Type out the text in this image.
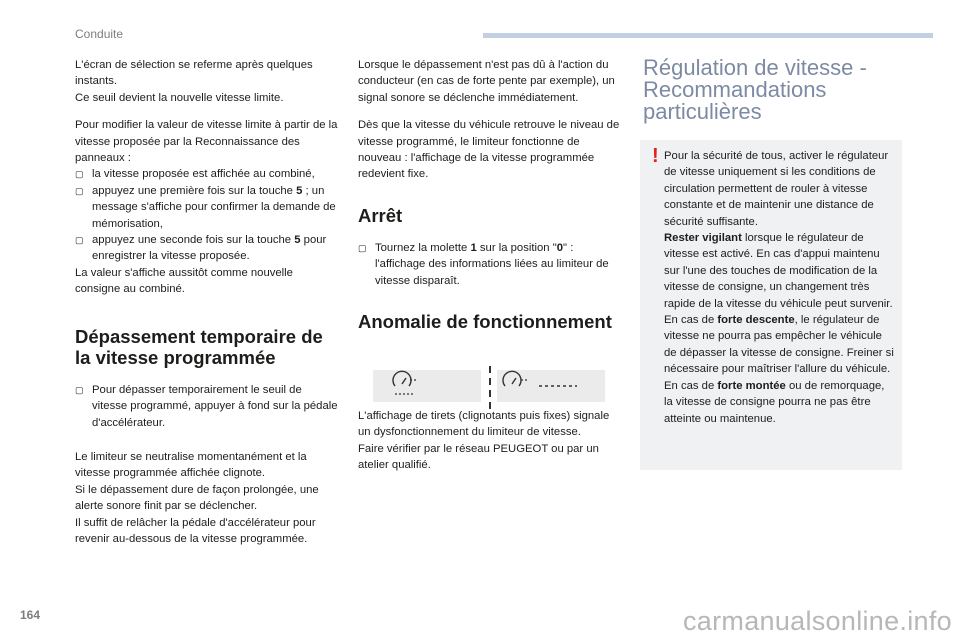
Conduite

L'écran de sélection se referme après quelques instants.
Ce seuil devient la nouvelle vitesse limite.

Pour modifier la valeur de vitesse limite à partir de la vitesse proposée par la Reconnaissance des panneaux :

▢ la vitesse proposée est affichée au combiné,
▢ appuyez une première fois sur la touche 5 ; un message s'affiche pour confirmer la demande de mémorisation,
▢ appuyez une seconde fois sur la touche 5 pour enregistrer la vitesse proposée.

La valeur s'affiche aussitôt comme nouvelle consigne au combiné.

Dépassement temporaire de la vitesse programmée
▢ Pour dépasser temporairement le seuil de vitesse programmé, appuyer à fond sur la pédale d'accélérateur.

Le limiteur se neutralise momentanément et la vitesse programmée affichée clignote.
Si le dépassement dure de façon prolongée, une alerte sonore finit par se déclencher.
Il suffit de relâcher la pédale d'accélérateur pour revenir au-dessous de la vitesse programmée.

Lorsque le dépassement n'est pas dû à l'action du conducteur (en cas de forte pente par exemple), un signal sonore se déclenche immédiatement.

Dès que la vitesse du véhicule retrouve le niveau de vitesse programmé, le limiteur fonctionne de nouveau : l'affichage de la vitesse programmée redevient fixe.

Arrêt
▢ Tournez la molette 1 sur la position "0" : l'affichage des informations liées au limiteur de vitesse disparaît.
Anomalie de fonctionnement

L'affichage de tirets (clignotants puis fixes) signale un dysfonctionnement du limiteur de vitesse.
Faire vérifier par le réseau PEUGEOT ou par un atelier qualifié.

Régulation de vitesse - Recommandations particulières
! Pour la sécurité de tous, activer le régulateur de vitesse uniquement si les conditions de circulation permettent de rouler à vitesse constante et de maintenir une distance de sécurité suffisante.
Rester vigilant lorsque le régulateur de vitesse est activé. En cas d'appui maintenu sur l'une des touches de modification de la vitesse de consigne, un changement très rapide de la vitesse du véhicule peut survenir.
En cas de forte descente, le régulateur de vitesse ne pourra pas empêcher le véhicule de dépasser la vitesse de consigne. Freiner si nécessaire pour maîtriser l'allure du véhicule.
En cas de forte montée ou de remorquage, la vitesse de consigne pourra ne pas être atteinte ou maintenue.
164	carmanualsonline.info
